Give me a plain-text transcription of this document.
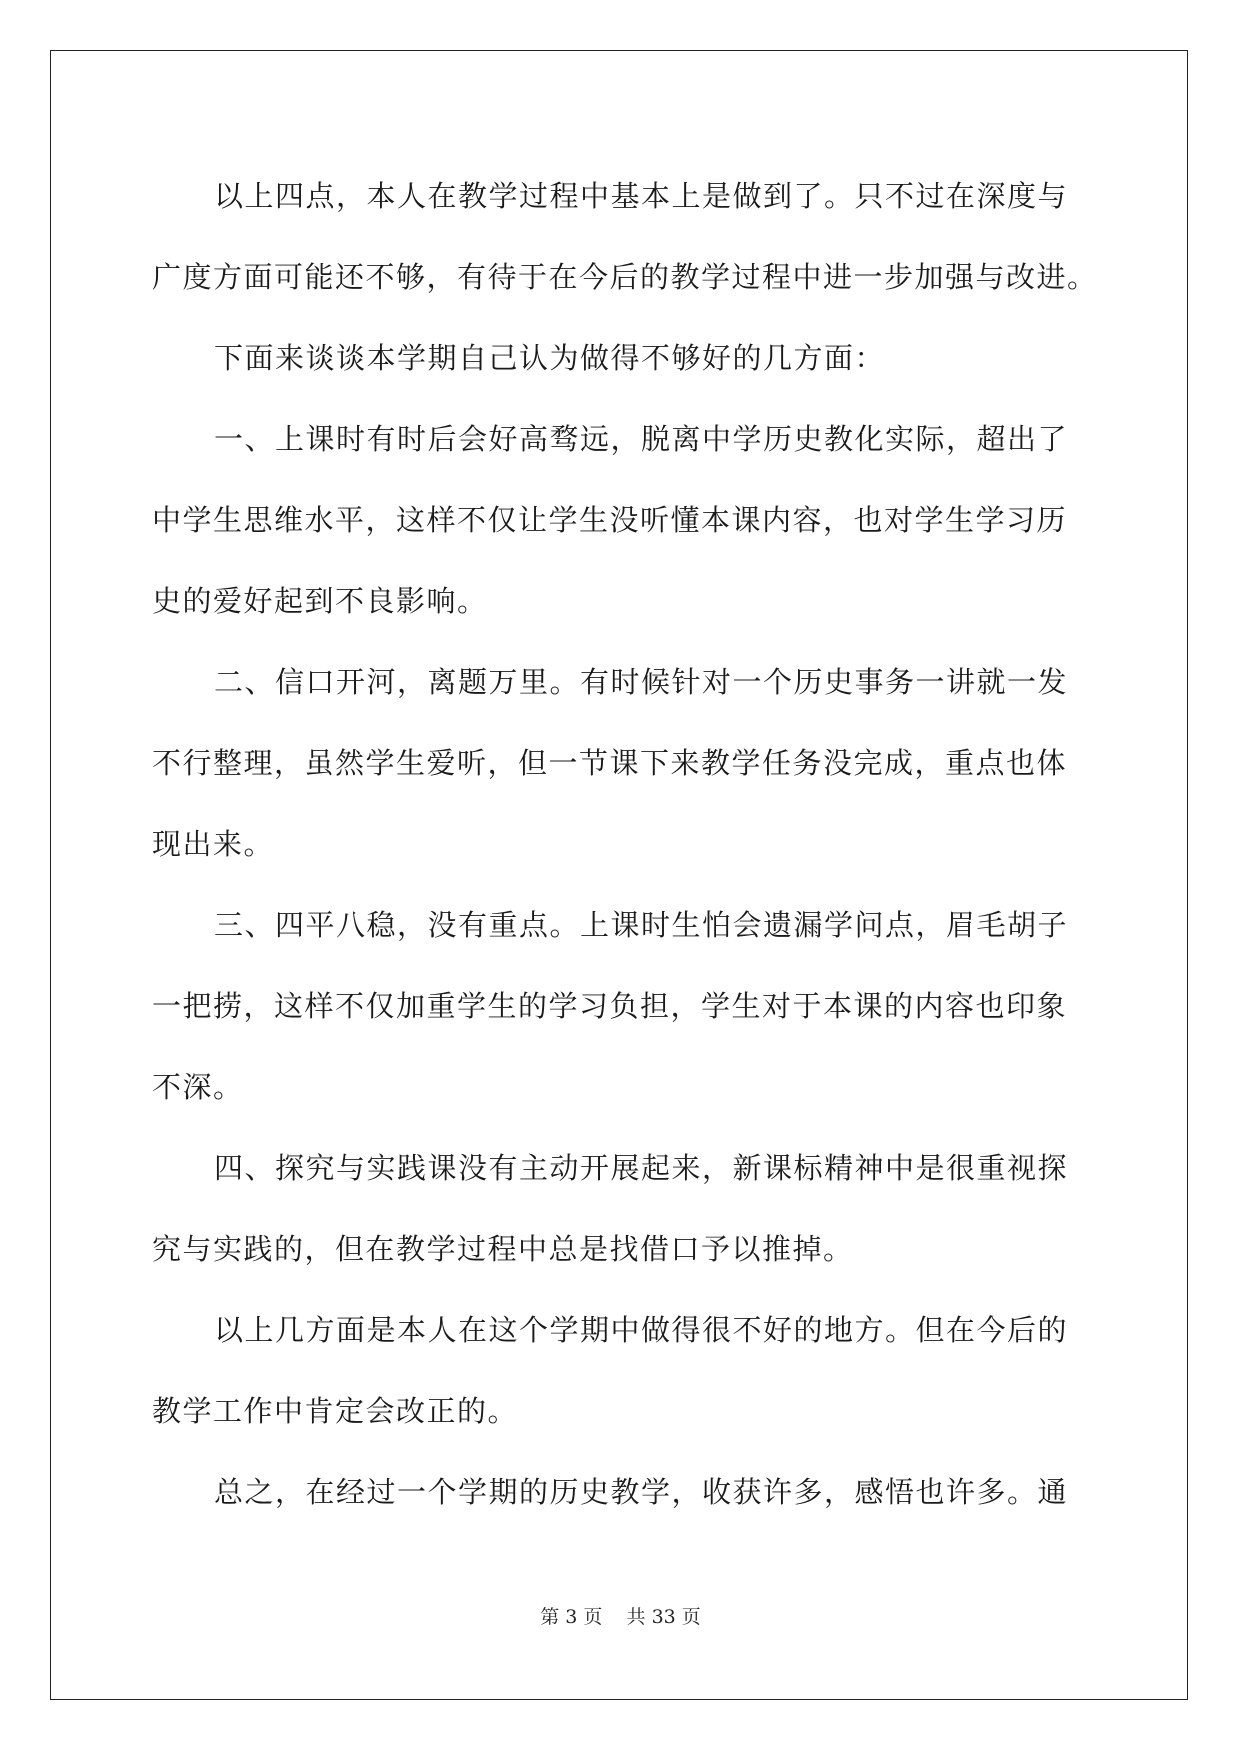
以上四点，本人在教学过程中基本上是做到了。只不过在深度与
广度方面可能还不够，有待于在今后的教学过程中进一步加强与改进。

下面来谈谈本学期自己认为做得不够好的几方面：

一、上课时有时后会好高骛远，脱离中学历史教化实际，超出了
中学生思维水平，这样不仅让学生没听懂本课内容，也对学生学习历
史的爱好起到不良影响。

二、信口开河，离题万里。有时候针对一个历史事务一讲就一发
不行整理，虽然学生爱听，但一节课下来教学任务没完成，重点也体
现出来。

三、四平八稳，没有重点。上课时生怕会遗漏学问点，眉毛胡子
一把捞，这样不仅加重学生的学习负担，学生对于本课的内容也印象
不深。

四、探究与实践课没有主动开展起来，新课标精神中是很重视探
究与实践的，但在教学过程中总是找借口予以推掉。

以上几方面是本人在这个学期中做得很不好的地方。但在今后的
教学工作中肯定会改正的。

总之，在经过一个学期的历史教学，收获许多，感悟也许多。通

第 3 页    共 33 页
